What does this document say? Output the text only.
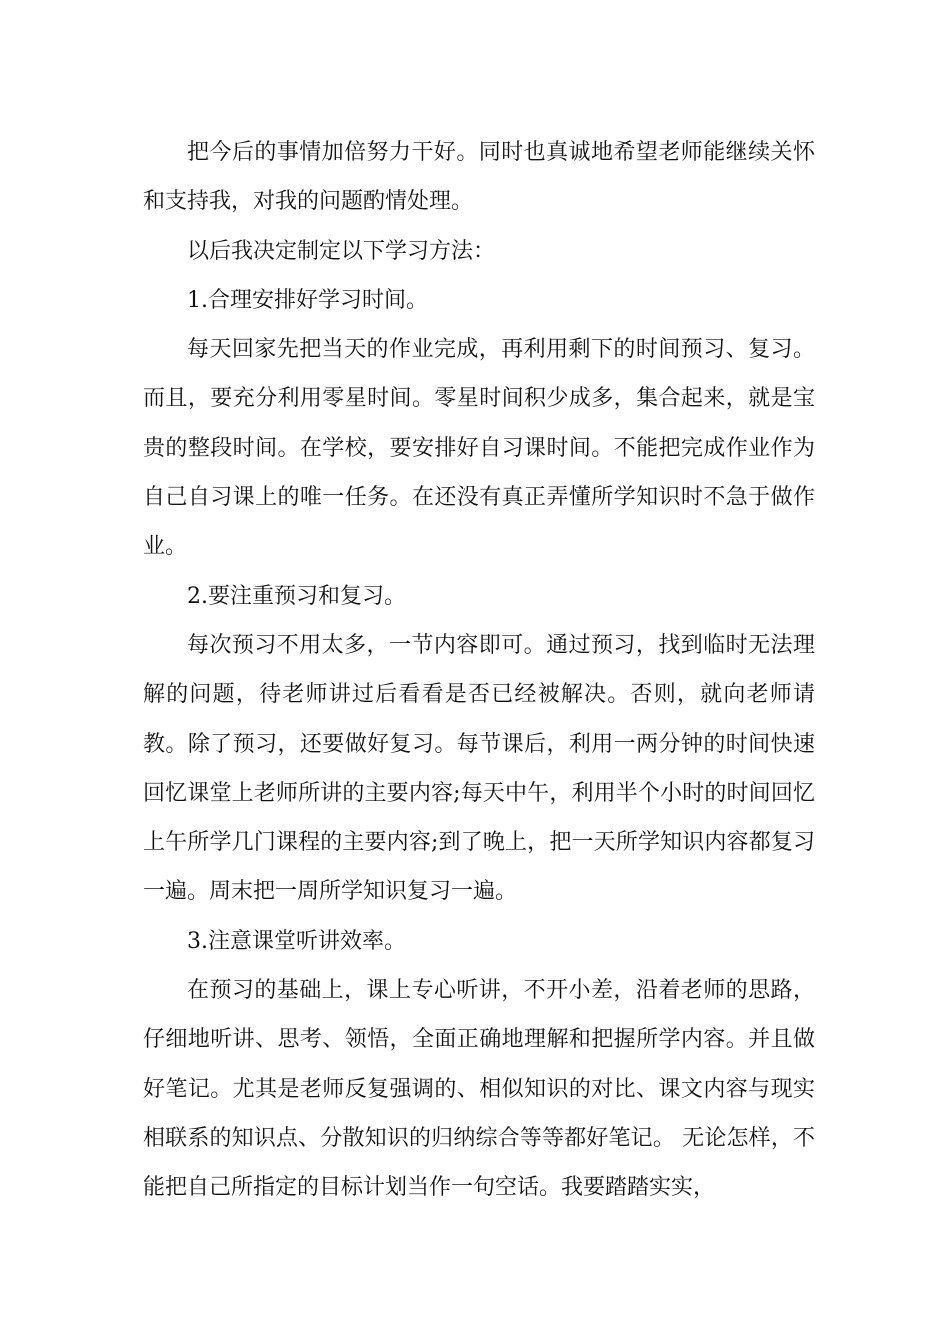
把今后的事情加倍努力干好。同时也真诚地希望老师能继续关怀和支持我，对我的问题酌情处理。

以后我决定制定以下学习方法：

1.合理安排好学习时间。

每天回家先把当天的作业完成，再利用剩下的时间预习、复习。而且，要充分利用零星时间。零星时间积少成多，集合起来，就是宝贵的整段时间。在学校，要安排好自习课时间。不能把完成作业作为自己自习课上的唯一任务。在还没有真正弄懂所学知识时不急于做作业。

2.要注重预习和复习。

每次预习不用太多，一节内容即可。通过预习，找到临时无法理解的问题，待老师讲过后看看是否已经被解决。否则，就向老师请教。除了预习，还要做好复习。每节课后，利用一两分钟的时间快速回忆课堂上老师所讲的主要内容;每天中午，利用半个小时的时间回忆上午所学几门课程的主要内容;到了晚上，把一天所学知识内容都复习一遍。周末把一周所学知识复习一遍。

3.注意课堂听讲效率。

在预习的基础上，课上专心听讲，不开小差，沿着老师的思路，仔细地听讲、思考、领悟，全面正确地理解和把握所学内容。并且做好笔记。尤其是老师反复强调的、相似知识的对比、课文内容与现实相联系的知识点、分散知识的归纳综合等等都好笔记。 无论怎样，不能把自己所指定的目标计划当作一句空话。我要踏踏实实，
